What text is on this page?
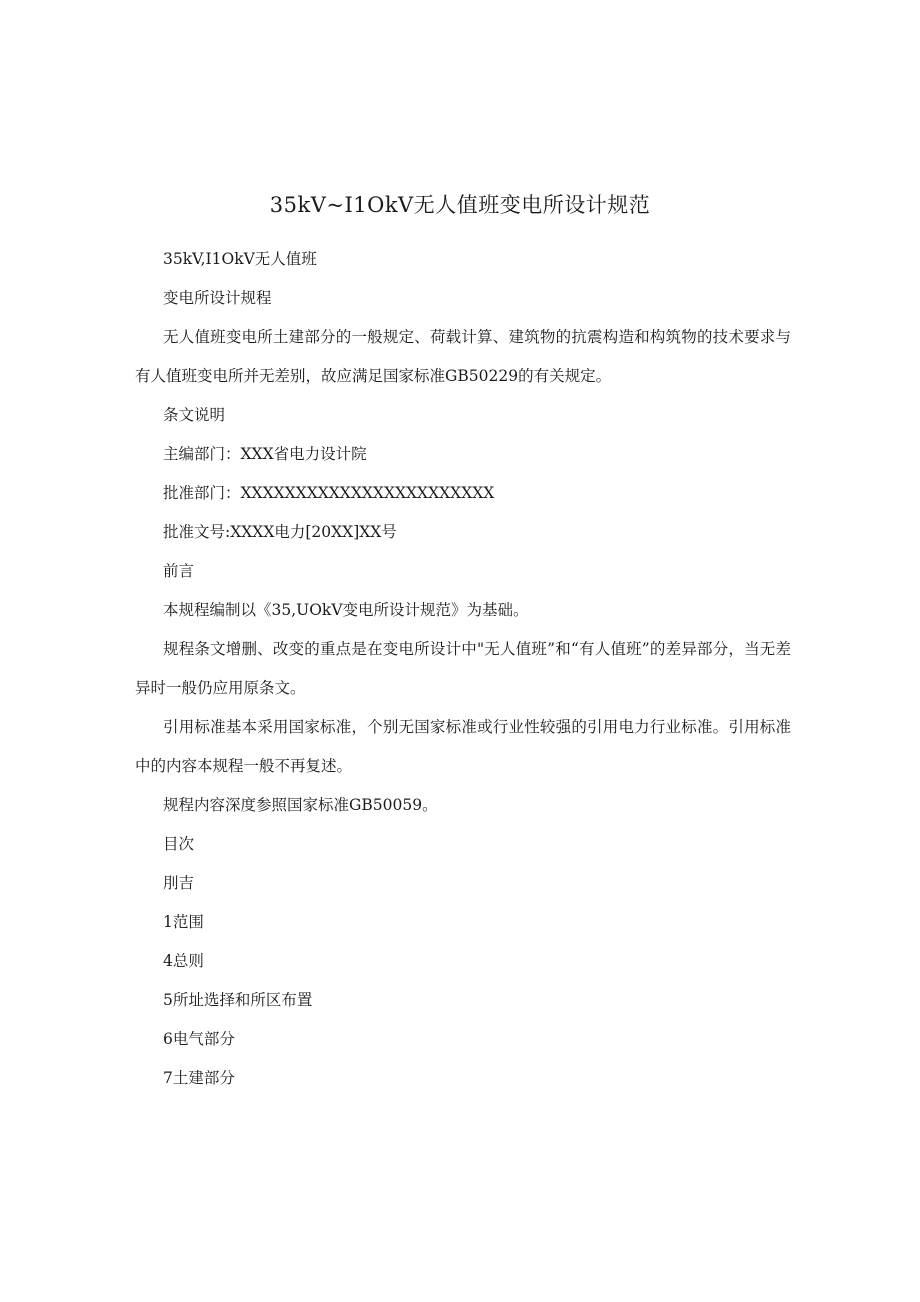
35kV~I1OkV无人值班变电所设计规范

35kV,I1OkV无人值班

变电所设计规程

无人值班变电所土建部分的一般规定、荷载计算、建筑物的抗震构造和构筑物的技术要求与有人值班变电所并无差别，故应满足国家标准GB50229的有关规定。

条文说明

主编部门：XXX省电力设计院

批准部门：XXXXXXXXXXXXXXXXXXXXXXX

批准文号:XXXX电力[20XX]XX号

前言

本规程编制以《35,UOkV变电所设计规范》为基础。

规程条文增删、改变的重点是在变电所设计中"无人值班”和“有人值班”的差异部分，当无差异时一般仍应用原条文。

引用标准基本采用国家标准，个别无国家标准或行业性较强的引用电力行业标准。引用标准中的内容本规程一般不再复述。

规程内容深度参照国家标准GB50059。

目次

刖吉

1范围

4总则

5所址选择和所区布置

6电气部分

7土建部分
